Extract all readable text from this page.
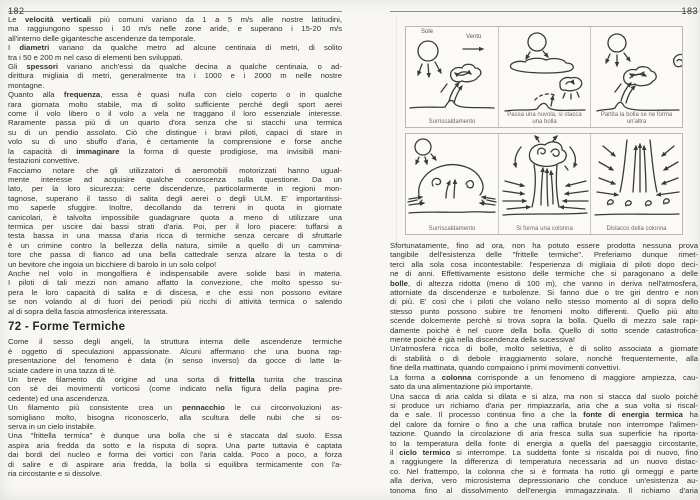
182
Le velocità verticali più comuni variano da 1 a 5 m/s alle nostre latitudini,
ma raggiungono spesso i 10 m/s nelle zone aride, e superano i 15-20 m/s
all'interno delle gigantesche ascendenze da temporale.
I diametri variano da qualche metro ad alcune centinaia di metri, di solito
tra i 50 e 200 m nel caso di elementi ben sviluppati.
Gli spessori variano anch'essi da qualche decina a qualche centinaia, o ad-
dirittura migliaia di metri, generalmente tra i 1000 e i 2000 m nelle nostre
montagne.
Quanto alla frequenza, essa è quasi nulla con cielo coperto o in qualche
rara giornata molto stabile, ma di solito sufficiente perché degli sport aerei
come il volo libero o il volo a vela ne traggano il loro essenziale interesse.
Raramente passa più di un quarto d'ora senza che si stacchi una termica
su di un pendio assolato. Ciò che distingue i bravi piloti, capaci di stare in
volo su di uno sbuffo d'aria, è certamente la comprensione e forse anche
la capacità di immaginare la forma di queste prodigiose, ma invisibili mani-
festazioni convettive.
Facciamo notare che gli utilizzatori di aeromobili motorizzati hanno ugual-
mente interesse ad acquisire qualche conoscenza sulla questione. Da un
lato, per la loro sicurezza: certe discendenze, particolarmente in regioni mon-
tagnose, superano il tasso di salita degli aerei o degli ULM. E' importantissi-
mo saperle sfuggire. Inoltre, decollando da terreni in quota in giornate
canicolari, è talvolta impossibile guadagnare quota a meno di utilizzare una
termica per uscire dai bassi strati d'aria. Poi, per il loro piacere: tuffarsi a
testa bassa in una massa d'aria ricca di termiche senza cercare di sfruttarle
è un crimine contro la bellezza della natura, simile a quello di un cammina-
tore che passa di fianco ad una bella cattedrale senza alzare la testa o di
un bevitore che ingoia un bicchiere di barolo in un solo colpo!
Anche nel volo in mongolfiera è indispensabile avere solide basi in materia.
I piloti di tali mezzi non amano affatto la convezione, che molto spesso su-
pera le loro capacità di salita e di discesa, e che essi non possono evitare
se non volando al di fuori dei periodi più ricchi di attività termica o salendo
al di sopra della fascia atmosferica interessata.
72 - Forme Termiche
Come il sesso degli angeli, la struttura interna delle ascendenze termiche
è oggetto di speculazioni appassionate. Alcuni affermano che una buona rap-
presentazione del fenomeno è data (in senso inverso) da gocce di latte la-
sciate cadere in una tazza di tè.
Un breve filamento dà origine ad una sorta di frittella turrita che trascina
con sè dei movimenti vorticosi (come indicato nella figura della pagina pre-
cedente) ed una ascendenza.
Un filamento più consistente crea un pennacchio le cui circonvoluzioni as-
somigliano molto, bisogna riconoscerlo, alla scultura delle nubi che si os-
serva in un cielo instabile.
Una ''frittella termica'' è dunque una bolla che si è staccata dal suolo. Essa
aspira aria fredda da sotto e la risputa di sopra. Una parte tuttavia è captata
dai bordi del nucleo e forma dei vortici con l'aria calda. Poco a poco, a forza
di salire e di aspirare aria fredda, la bolla si equilibra termicamente con l'a-
ria circostante e si dissolve.
183
Sole
Vento
Surriscaldamento
Passa una nuvola, si stacca una bolla
Partita la bolla se ne forma un'altra
Surriscaldamento	Si forma una colonna	Distacco della colonna
Sfortunatamente, fino ad ora, non ha potuto essere prodotta nessuna prova
tangibile dell'esistenza delle ''frittelle termiche''. Preferiamo dunque rimet-
terci alla sola cosa incontestabile: l'esperienza di migliaia di piloti dopo deci-
ne di anni. Effettivamente esistono delle termiche che si paragonano a delle
bolle, di altezza ridotta (meno di 100 m), che vanno in deriva nell'atmosfera,
attorniate da discendenze e turbolenze. Si fanno due o tre giri dentro e non
di più. E' così che i piloti che volano nello stesso momento al di sopra dello
stesso punto possono subire tre fenomeni molto differenti. Quello più alto
scende dolcemente perchè si trova sopra la bolla. Quello di mezzo sale rapi-
damente poichè è nel cuore della bolla. Quello di sotto scende catastrofica-
mente poichè è già nella discendenza della sucessiva!
Un'atmosfera ricca di bolle, molto selettiva, è di solito associata a giornate
di stabilità o di debole irraggiamento solare, nonchè frequentemente, alla
fine della mattinata, quando compaiono i primi movimenti convettivi.
La forma a colonna corrisponde a un fenomeno di maggiore ampiezza, cau-
sato da una alimentazione più importante.
Una sacca di aria calda si dilata e si alza, ma non si stacca dal suolo poichè
si produce un richiamo d'aria per rimpiazzarla, aria che a sua volta si riscal-
da e sale. Il processo continua fino a che la fonte di energia termica ha
del calore da fornire o fino a che una raffica brutale non interrompe l'alimen-
tazione. Quando la circolazione di aria fresca sulla sua superficie ha riporta-
to la temperatura della fonte di energia a quella del paesaggio circostante,
il ciclo termico si interrompe. La suddetta fonte si riscalda poi di nuovo, fino
a raggiungere la differenza di temperatura necessaria ad un nuovo distac-
co. Nel frattempo, la colonna che si è formata ha rotto gli ormeggi e parte
alla deriva, vero microsistema depressionario che conduce un'esistenza au-
tonoma fino al dissolvimento dell'energia immagazzinata. Il richiamo d'aria
